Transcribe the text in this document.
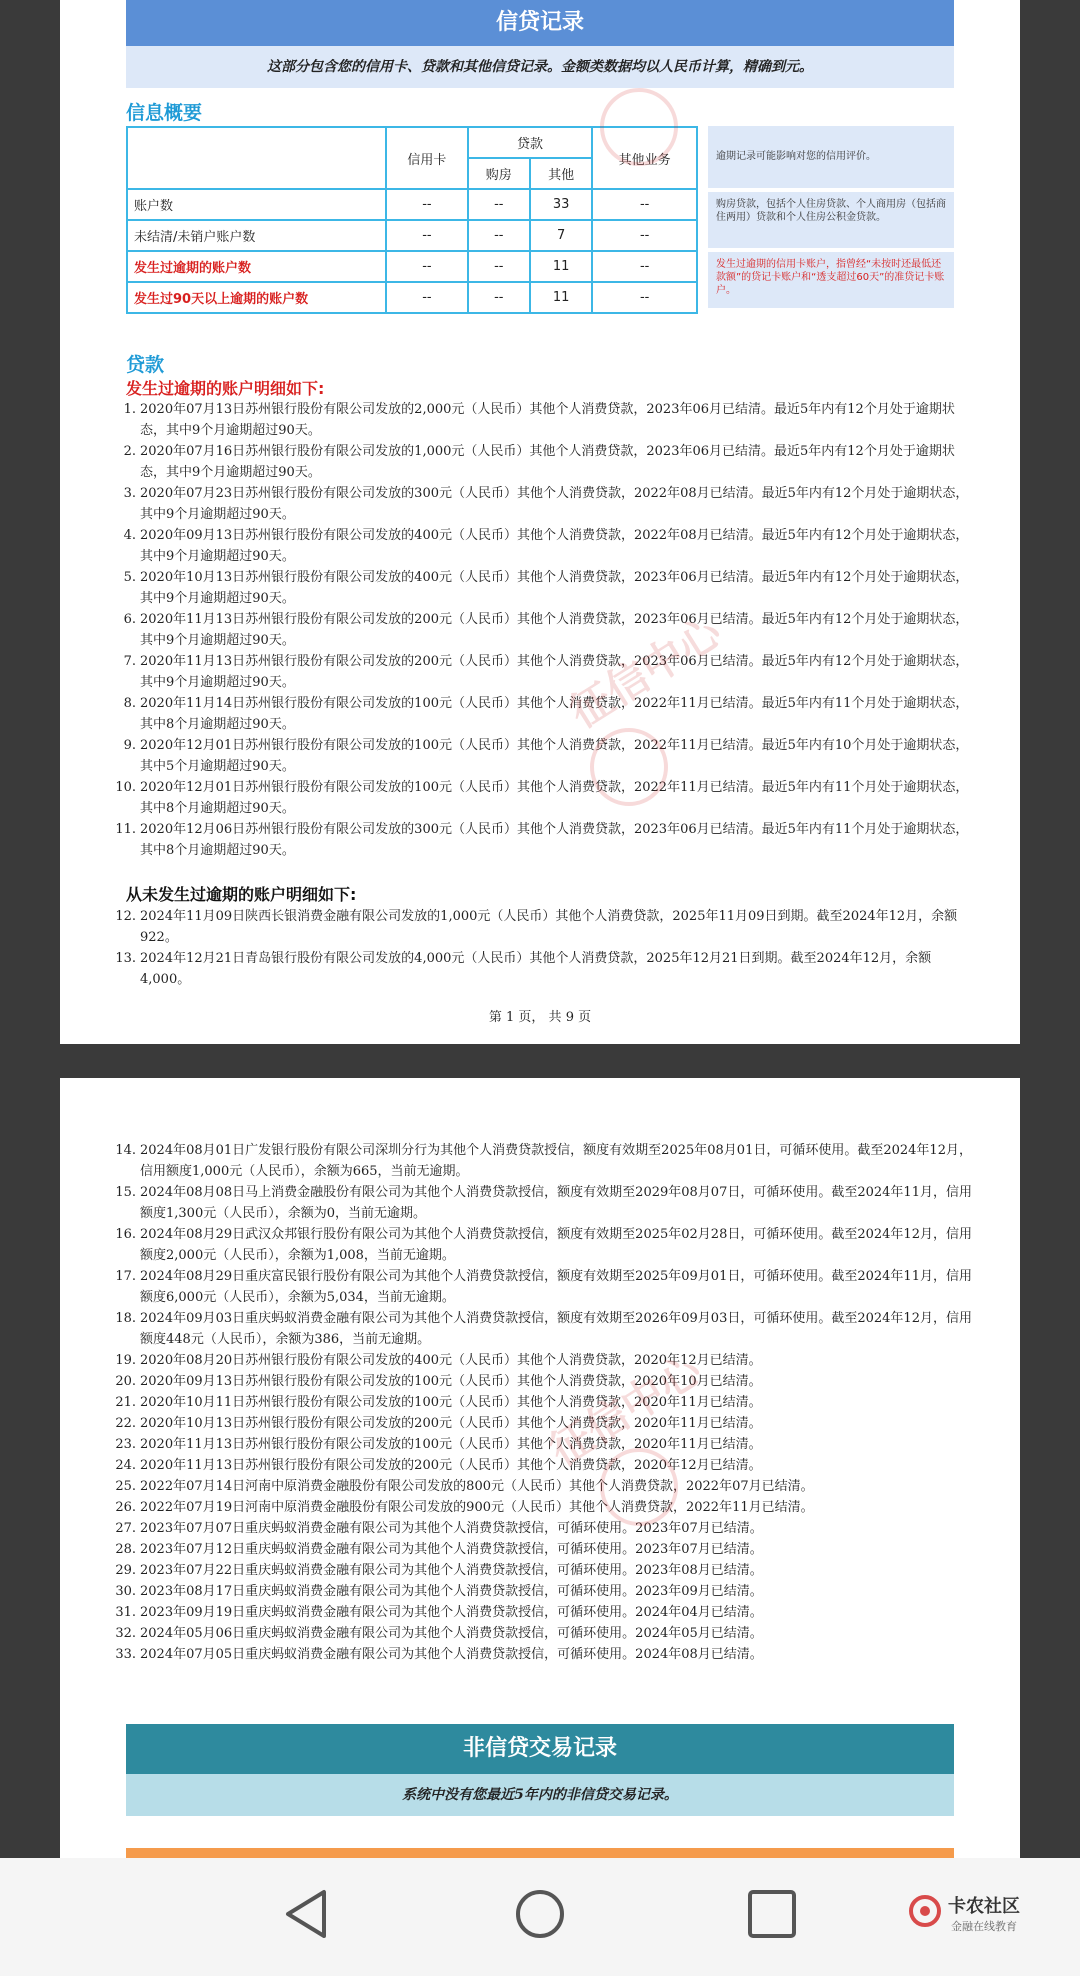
信贷记录
这部分包含您的信用卡、贷款和其他信贷记录。金额类数据均以人民币计算，精确到元。
信息概要
	信用卡	贷款		其他业务
		购房	其他	
账户数	--	--	33	--
未结清/未销户账户数	--	--	7	--
发生过逾期的账户数	--	--	11	--
发生过90天以上逾期的账户数	--	--	11	--
逾期记录可能影响对您的信用评价。
购房贷款，包括个人住房贷款、个人商用房（包括商住两用）贷款和个人住房公积金贷款。
发生过逾期的信用卡账户，指曾经“未按时还最低还款额”的贷记卡账户和“透支超过60天”的准贷记卡账户。
贷款
发生过逾期的账户明细如下:
1. 2020年07月13日苏州银行股份有限公司发放的2,000元（人民币）其他个人消费贷款，2023年06月已结清。最近5年内有12个月处于逾期状态，其中9个月逾期超过90天。
2. 2020年07月16日苏州银行股份有限公司发放的1,000元（人民币）其他个人消费贷款，2023年06月已结清。最近5年内有12个月处于逾期状态，其中9个月逾期超过90天。
3. 2020年07月23日苏州银行股份有限公司发放的300元（人民币）其他个人消费贷款，2022年08月已结清。最近5年内有12个月处于逾期状态，其中9个月逾期超过90天。
4. 2020年09月13日苏州银行股份有限公司发放的400元（人民币）其他个人消费贷款，2022年08月已结清。最近5年内有12个月处于逾期状态，其中9个月逾期超过90天。
5. 2020年10月13日苏州银行股份有限公司发放的400元（人民币）其他个人消费贷款，2023年06月已结清。最近5年内有12个月处于逾期状态，其中9个月逾期超过90天。
6. 2020年11月13日苏州银行股份有限公司发放的200元（人民币）其他个人消费贷款，2023年06月已结清。最近5年内有12个月处于逾期状态，其中9个月逾期超过90天。
7. 2020年11月13日苏州银行股份有限公司发放的200元（人民币）其他个人消费贷款，2023年06月已结清。最近5年内有12个月处于逾期状态，其中9个月逾期超过90天。
8. 2020年11月14日苏州银行股份有限公司发放的100元（人民币）其他个人消费贷款，2022年11月已结清。最近5年内有11个月处于逾期状态，其中8个月逾期超过90天。
9. 2020年12月01日苏州银行股份有限公司发放的100元（人民币）其他个人消费贷款，2022年11月已结清。最近5年内有10个月处于逾期状态，其中5个月逾期超过90天。
10. 2020年12月01日苏州银行股份有限公司发放的100元（人民币）其他个人消费贷款，2022年11月已结清。最近5年内有11个月处于逾期状态，其中8个月逾期超过90天。
11. 2020年12月06日苏州银行股份有限公司发放的300元（人民币）其他个人消费贷款，2023年06月已结清。最近5年内有11个月处于逾期状态，其中8个月逾期超过90天。
从未发生过逾期的账户明细如下:
12. 2024年11月09日陕西长银消费金融有限公司发放的1,000元（人民币）其他个人消费贷款，2025年11月09日到期。截至2024年12月，余额922。
13. 2024年12月21日青岛银行股份有限公司发放的4,000元（人民币）其他个人消费贷款，2025年12月21日到期。截至2024年12月，余额4,000。
第 1 页， 共 9 页
征信中心
14. 2024年08月01日广发银行股份有限公司深圳分行为其他个人消费贷款授信，额度有效期至2025年08月01日，可循环使用。截至2024年12月，信用额度1,000元（人民币），余额为665，当前无逾期。
15. 2024年08月08日马上消费金融股份有限公司为其他个人消费贷款授信，额度有效期至2029年08月07日，可循环使用。截至2024年11月，信用额度1,300元（人民币），余额为0，当前无逾期。
16. 2024年08月29日武汉众邦银行股份有限公司为其他个人消费贷款授信，额度有效期至2025年02月28日，可循环使用。截至2024年12月，信用额度2,000元（人民币），余额为1,008，当前无逾期。
17. 2024年08月29日重庆富民银行股份有限公司为其他个人消费贷款授信，额度有效期至2025年09月01日，可循环使用。截至2024年11月，信用额度6,000元（人民币），余额为5,034，当前无逾期。
18. 2024年09月03日重庆蚂蚁消费金融有限公司为其他个人消费贷款授信，额度有效期至2026年09月03日，可循环使用。截至2024年12月，信用额度448元（人民币），余额为386，当前无逾期。
19. 2020年08月20日苏州银行股份有限公司发放的400元（人民币）其他个人消费贷款，2020年12月已结清。
20. 2020年09月13日苏州银行股份有限公司发放的100元（人民币）其他个人消费贷款，2020年10月已结清。
21. 2020年10月11日苏州银行股份有限公司发放的100元（人民币）其他个人消费贷款，2020年11月已结清。
22. 2020年10月13日苏州银行股份有限公司发放的200元（人民币）其他个人消费贷款，2020年11月已结清。
23. 2020年11月13日苏州银行股份有限公司发放的100元（人民币）其他个人消费贷款，2020年11月已结清。
24. 2020年11月13日苏州银行股份有限公司发放的200元（人民币）其他个人消费贷款，2020年12月已结清。
25. 2022年07月14日河南中原消费金融股份有限公司发放的800元（人民币）其他个人消费贷款，2022年07月已结清。
26. 2022年07月19日河南中原消费金融股份有限公司发放的900元（人民币）其他个人消费贷款，2022年11月已结清。
27. 2023年07月07日重庆蚂蚁消费金融有限公司为其他个人消费贷款授信，可循环使用。2023年07月已结清。
28. 2023年07月12日重庆蚂蚁消费金融有限公司为其他个人消费贷款授信，可循环使用。2023年07月已结清。
29. 2023年07月22日重庆蚂蚁消费金融有限公司为其他个人消费贷款授信，可循环使用。2023年08月已结清。
30. 2023年08月17日重庆蚂蚁消费金融有限公司为其他个人消费贷款授信，可循环使用。2023年09月已结清。
31. 2023年09月19日重庆蚂蚁消费金融有限公司为其他个人消费贷款授信，可循环使用。2024年04月已结清。
32. 2024年05月06日重庆蚂蚁消费金融有限公司为其他个人消费贷款授信，可循环使用。2024年05月已结清。
33. 2024年07月05日重庆蚂蚁消费金融有限公司为其他个人消费贷款授信，可循环使用。2024年08月已结清。
非信贷交易记录
系统中没有您最近5年内的非信贷交易记录。
征信中心
卡农社区
金融在线教育
